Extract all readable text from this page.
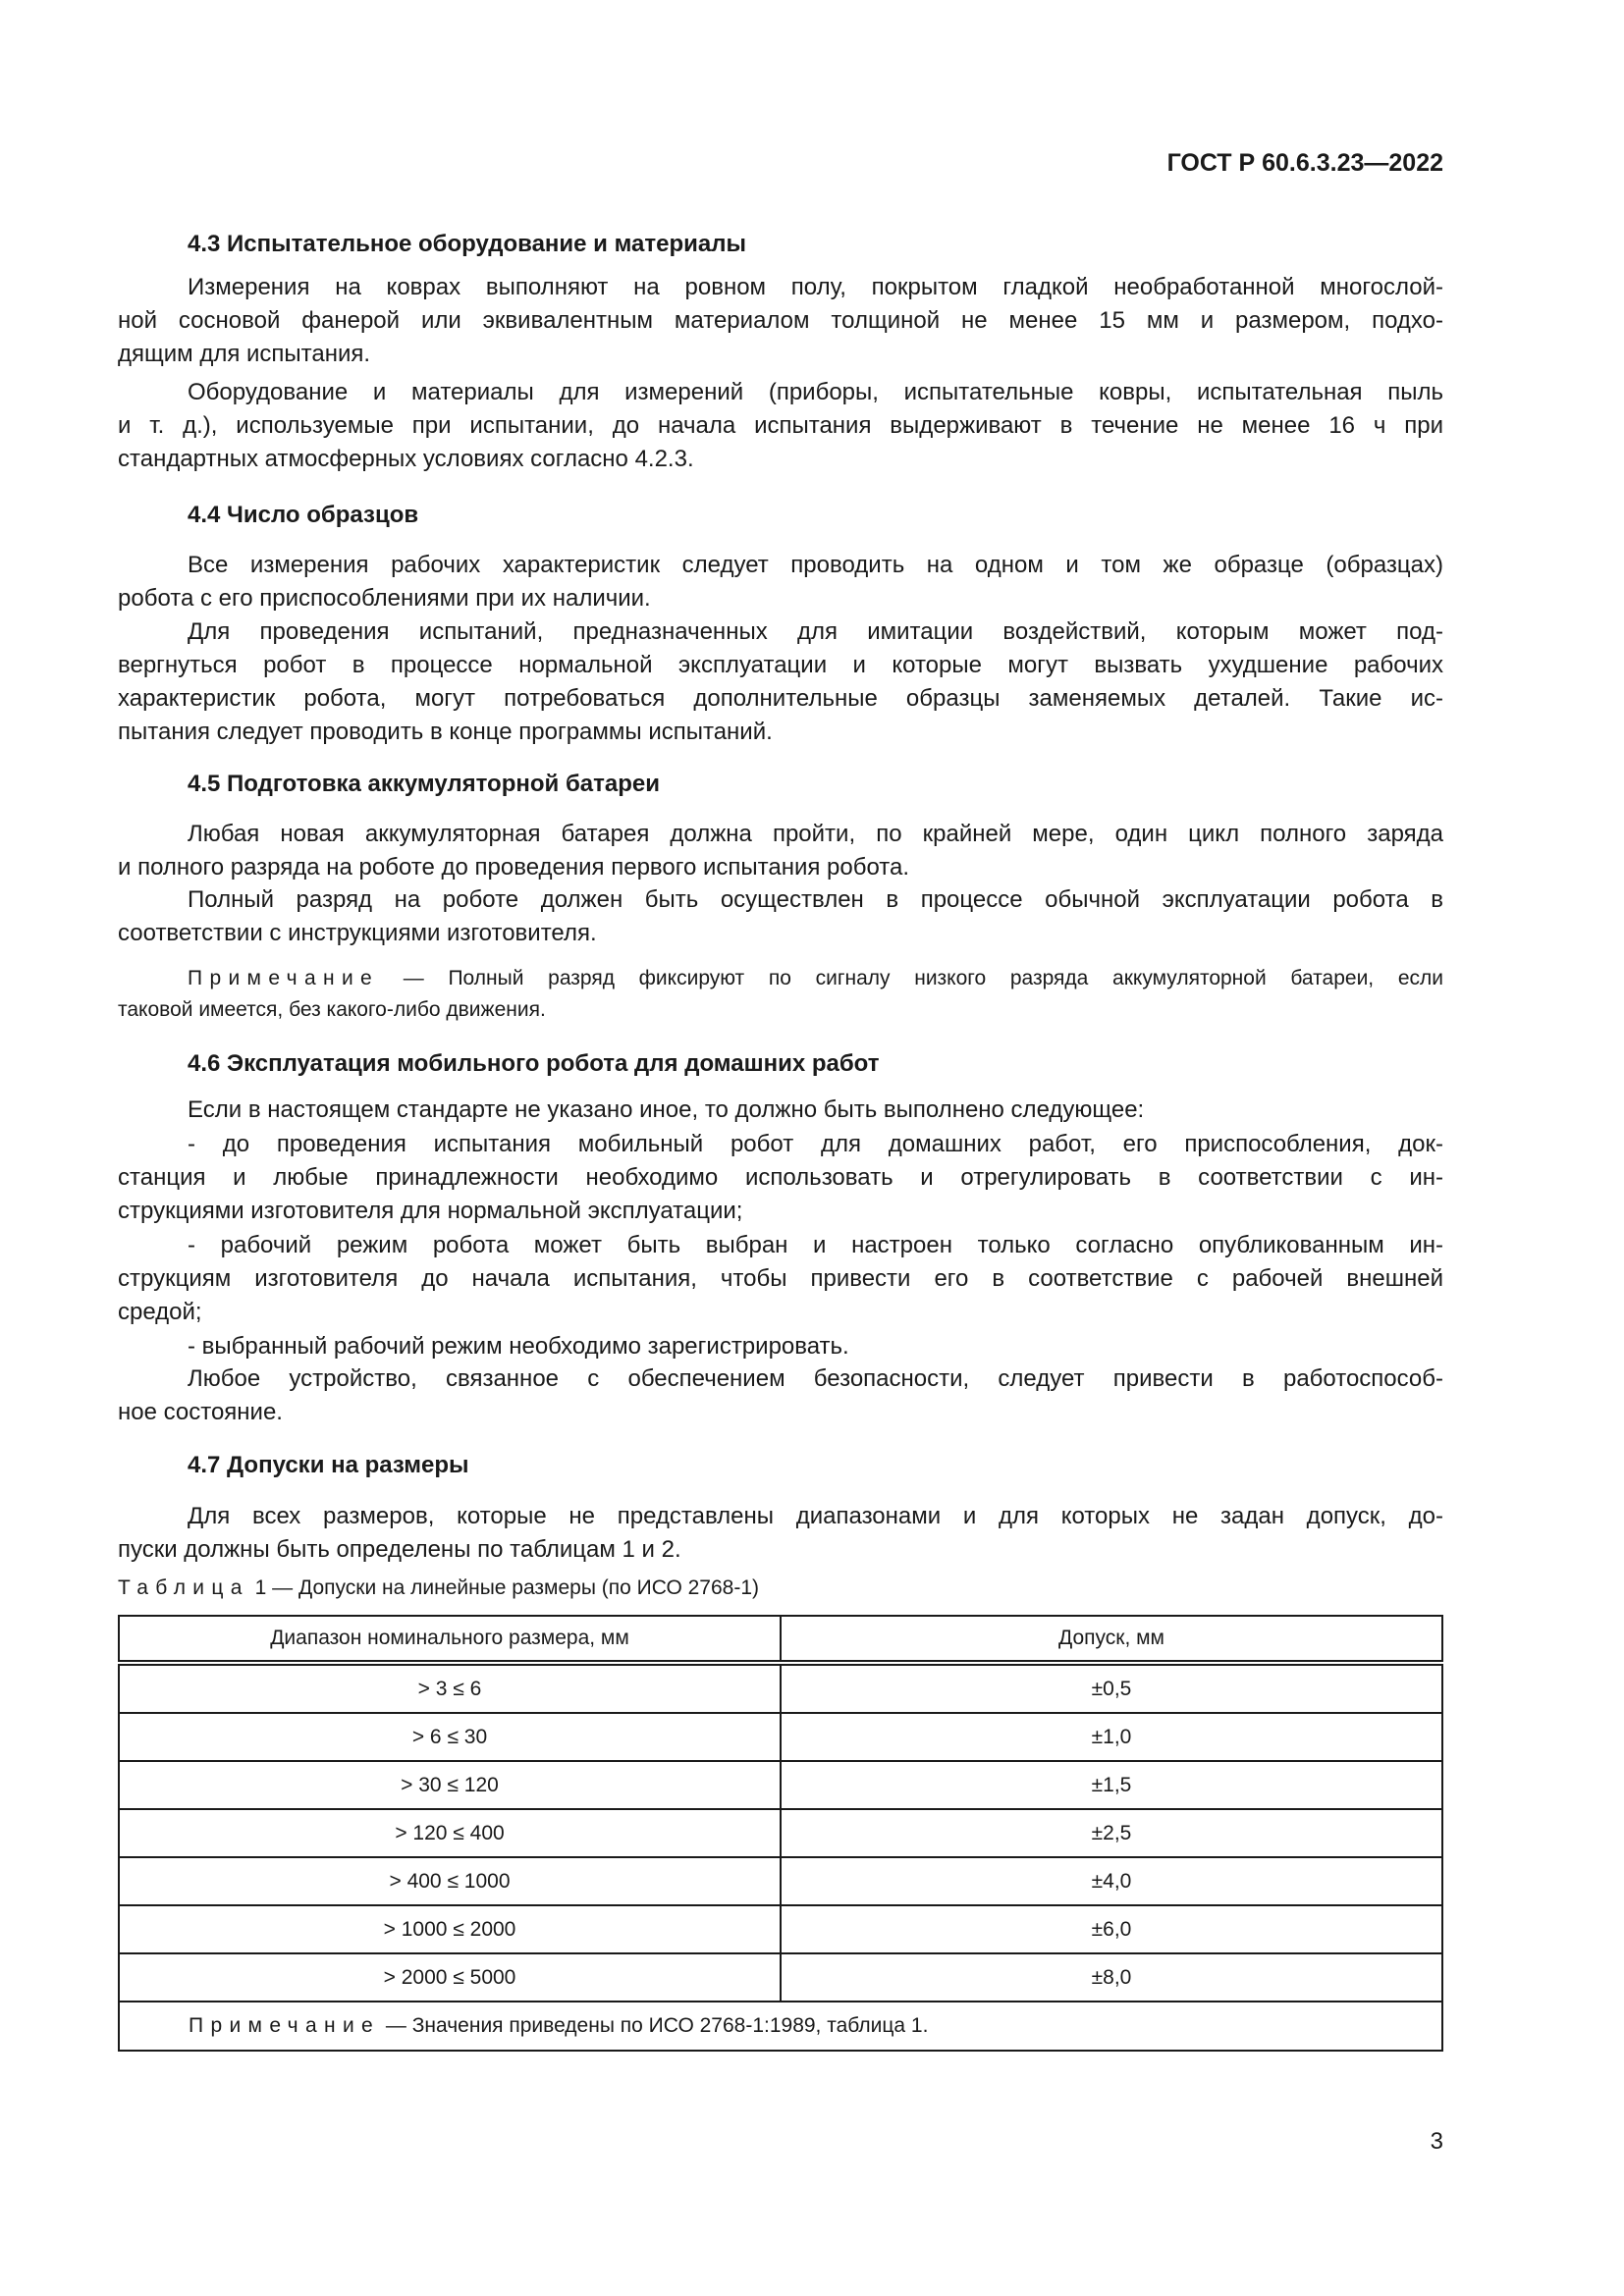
ГОСТ Р 60.6.3.23—2022
4.3 Испытательное оборудование и материалы
Измерения на коврах выполняют на ровном полу, покрытом гладкой необработанной многослой-
ной сосновой фанерой или эквивалентным материалом толщиной не менее 15 мм и размером, подхо-
дящим для испытания.
Оборудование и материалы для измерений (приборы, испытательные ковры, испытательная пыль
и т. д.), используемые при испытании, до начала испытания выдерживают в течение не менее 16 ч при
стандартных атмосферных условиях согласно 4.2.3.
4.4 Число образцов
Все измерения рабочих характеристик следует проводить на одном и том же образце (образцах)
робота с его приспособлениями при их наличии.
Для проведения испытаний, предназначенных для имитации воздействий, которым может под-
вергнуться робот в процессе нормальной эксплуатации и которые могут вызвать ухудшение рабочих
характеристик робота, могут потребоваться дополнительные образцы заменяемых деталей. Такие ис-
пытания следует проводить в конце программы испытаний.
4.5 Подготовка аккумуляторной батареи
Любая новая аккумуляторная батарея должна пройти, по крайней мере, один цикл полного заряда
и полного разряда на роботе до проведения первого испытания робота.
Полный разряд на роботе должен быть осуществлен в процессе обычной эксплуатации робота в
соответствии с инструкциями изготовителя.
Примечание — Полный разряд фиксируют по сигналу низкого разряда аккумуляторной батареи, если
таковой имеется, без какого-либо движения.
4.6 Эксплуатация мобильного робота для домашних работ
Если в настоящем стандарте не указано иное, то должно быть выполнено следующее:
- до проведения испытания мобильный робот для домашних работ, его приспособления, док-
станция и любые принадлежности необходимо использовать и отрегулировать в соответствии с ин-
струкциями изготовителя для нормальной эксплуатации;
- рабочий режим робота может быть выбран и настроен только согласно опубликованным ин-
струкциям изготовителя до начала испытания, чтобы привести его в соответствие с рабочей внешней
средой;
- выбранный рабочий режим необходимо зарегистрировать.
Любое устройство, связанное с обеспечением безопасности, следует привести в работоспособ-
ное состояние.
4.7 Допуски на размеры
Для всех размеров, которые не представлены диапазонами и для которых не задан допуск, до-
пуски должны быть определены по таблицам 1 и 2.
Таблица 1 — Допуски на линейные размеры (по ИСО 2768-1)
Диапазон номинального размера, мм	Допуск, мм
> 3 ≤ 6	±0,5
> 6 ≤ 30	±1,0
> 30 ≤ 120	±1,5
> 120 ≤ 400	±2,5
> 400 ≤ 1000	±4,0
> 1000 ≤ 2000	±6,0
> 2000 ≤ 5000	±8,0
Примечание — Значения приведены по ИСО 2768-1:1989, таблица 1.	
3
